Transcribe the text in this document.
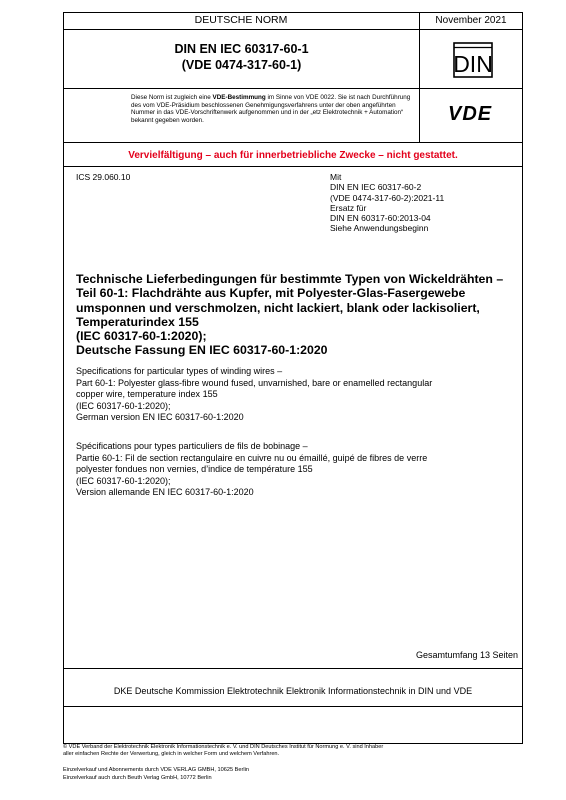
DEUTSCHE NORM	November 2021
DIN EN IEC 60317-60-1
(VDE 0474-317-60-1)	DIN
Diese Norm ist zugleich eine VDE-Bestimmung im Sinne von VDE 0022. Sie ist nach Durchführung des vom VDE-Präsidium beschlossenen Genehmigungsverfahrens unter der oben angeführten Nummer in das VDE-Vorschriftenwerk aufgenommen und in der „etz Elektrotechnik + Automation“ bekannt gegeben worden.	VDE
Vervielfältigung – auch für innerbetriebliche Zwecke – nicht gestattet.
ICS 29.060.10	Mit
DIN EN IEC 60317-60-2
(VDE 0474-317-60-2):2021-11
Ersatz für
DIN EN 60317-60:2013-04
Siehe Anwendungsbeginn
Technische Lieferbedingungen für bestimmte Typen von Wickeldrähten –
Teil 60-1: Flachdrähte aus Kupfer, mit Polyester-Glas-Fasergewebe
umsponnen und verschmolzen, nicht lackiert, blank oder lackisoliert,
Temperaturindex 155
(IEC 60317-60-1:2020);
Deutsche Fassung EN IEC 60317-60-1:2020
Specifications for particular types of winding wires –
Part 60-1: Polyester glass-fibre wound fused, unvarnished, bare or enamelled rectangular
copper wire, temperature index 155
(IEC 60317-60-1:2020);
German version EN IEC 60317-60-1:2020
Spécifications pour types particuliers de fils de bobinage –
Partie 60-1: Fil de section rectangulaire en cuivre nu ou émaillé, guipé de fibres de verre
polyester fondues non vernies, d’indice de température 155
(IEC 60317-60-1:2020);
Version allemande EN IEC 60317-60-1:2020
Gesamtumfang 13 Seiten
DKE Deutsche Kommission Elektrotechnik Elektronik Informationstechnik in DIN und VDE
© VDE Verband der Elektrotechnik Elektronik Informationstechnik e. V. und DIN Deutsches Institut für Normung e. V. sind Inhaber
aller einfachen Rechte der Verwertung, gleich in welcher Form und welchem Verfahren.
Einzelverkauf und Abonnements durch VDE VERLAG GMBH, 10625 Berlin
Einzelverkauf auch durch Beuth Verlag GmbH, 10772 Berlin
